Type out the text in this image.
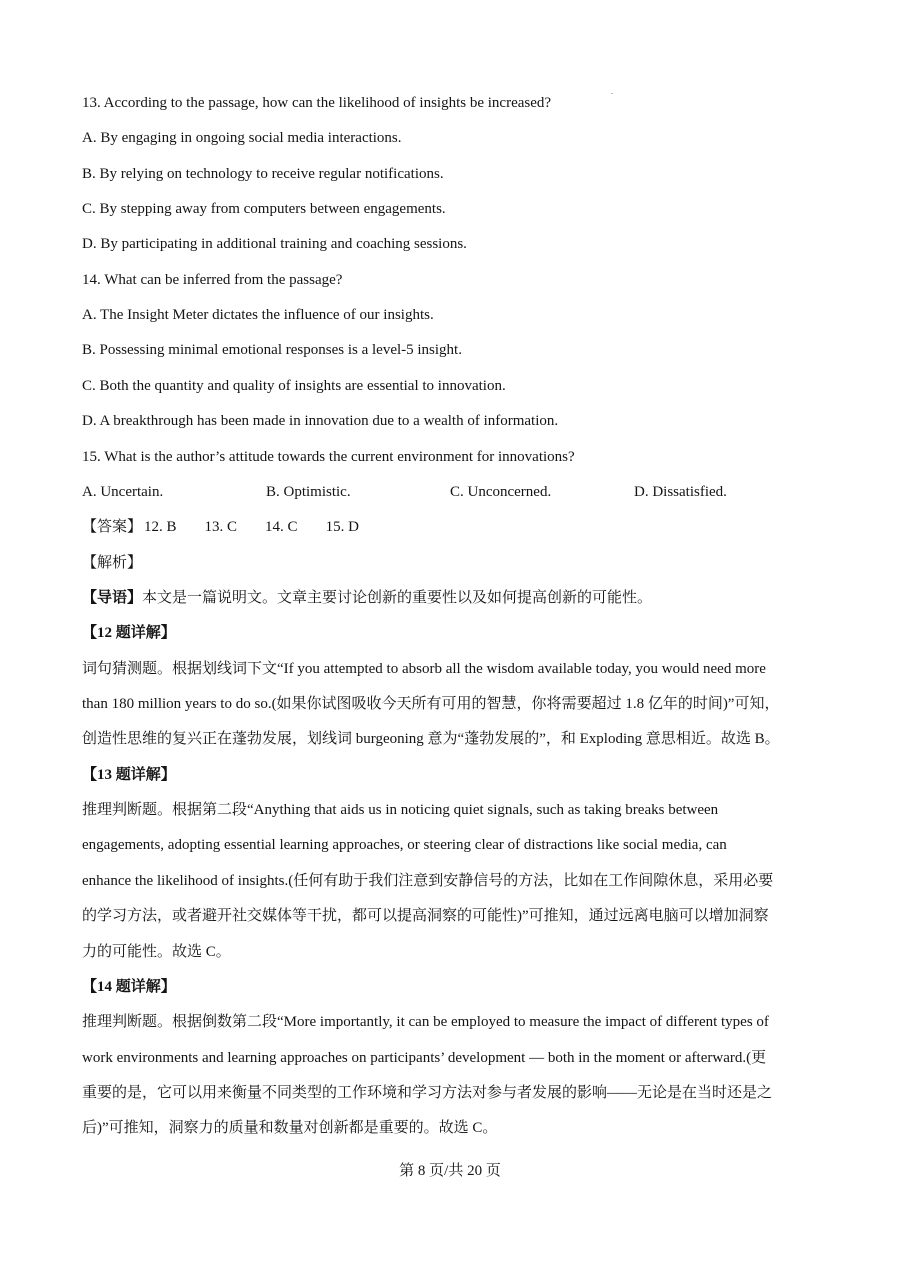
13. According to the passage, how can the likelihood of insights be increased?
A. By engaging in ongoing social media interactions.
B. By relying on technology to receive regular notifications.
C. By stepping away from computers between engagements.
D. By participating in additional training and coaching sessions.
14. What can be inferred from the passage?
A. The Insight Meter dictates the influence of our insights.
B. Possessing minimal emotional responses is a level-5 insight.
C. Both the quantity and quality of insights are essential to innovation.
D. A breakthrough has been made in innovation due to a wealth of information.
15. What is the author’s attitude towards the current environment for innovations?
A. Uncertain.	B. Optimistic.	C. Unconcerned.	D. Dissatisfied.
【答案】 12. B 13. C 14. C 15. D
【解析】
【导语】本文是一篇说明文。文章主要讨论创新的重要性以及如何提高创新的可能性。
【12 题详解】
词句猜测题。根据划线词下文“If you attempted to absorb all the wisdom available today, you would need more
than 180 million years to do so.(如果你试图吸收今天所有可用的智慧，你将需要超过 1.8 亿年的时间)”可知，
创造性思维的复兴正在蓬勃发展，划线词 burgeoning 意为“蓬勃发展的”，和 Exploding 意思相近。故选 B。
【13 题详解】
推理判断题。根据第二段“Anything that aids us in noticing quiet signals, such as taking breaks between
engagements, adopting essential learning approaches, or steering clear of distractions like social media, can
enhance the likelihood of insights.(任何有助于我们注意到安静信号的方法，比如在工作间隙休息，采用必要
的学习方法，或者避开社交媒体等干扰，都可以提高洞察的可能性)”可推知，通过远离电脑可以增加洞察
力的可能性。故选 C。
【14 题详解】
推理判断题。根据倒数第二段“More importantly, it can be employed to measure the impact of different types of
work environments and learning approaches on participants’ development — both in the moment or afterward.(更
重要的是，它可以用来衡量不同类型的工作环境和学习方法对参与者发展的影响——无论是在当时还是之
后)”可推知，洞察力的质量和数量对创新都是重要的。故选 C。
第 8 页/共 20 页
